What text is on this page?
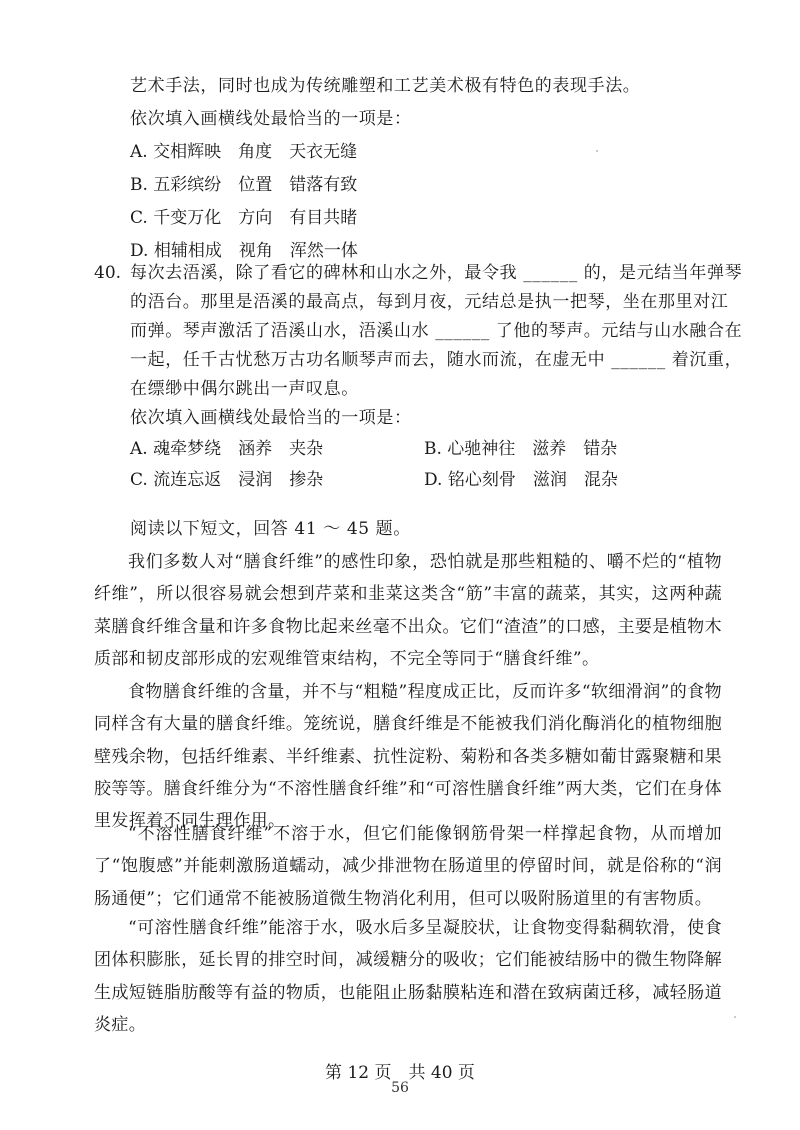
艺术手法，同时也成为传统雕塑和工艺美术极有特色的表现手法。
依次填入画横线处最恰当的一项是：
A. 交相辉映　角度　天衣无缝
B. 五彩缤纷　位置　错落有致
C. 千变万化　方向　有目共睹
D. 相辅相成　视角　浑然一体
40. 每次去浯溪，除了看它的碑林和山水之外，最令我 ______ 的，是元结当年弹琴
的浯台。那里是浯溪的最高点，每到月夜，元结总是执一把琴，坐在那里对江
而弹。琴声激活了浯溪山水，浯溪山水 ______ 了他的琴声。元结与山水融合在
一起，任千古忧愁万古功名顺琴声而去，随水而流，在虚无中 ______ 着沉重，
在缥缈中偶尔跳出一声叹息。
依次填入画横线处最恰当的一项是：
A. 魂牵梦绕　涵养　夹杂	B. 心驰神往　滋养　错杂
C. 流连忘返　浸润　掺杂	D. 铭心刻骨　滋润　混杂
阅读以下短文，回答 41 ～ 45 题。
我们多数人对“膳食纤维”的感性印象，恐怕就是那些粗糙的、嚼不烂的“植物纤维”，所以很容易就会想到芹菜和韭菜这类含“筋”丰富的蔬菜，其实，这两种蔬菜膳食纤维含量和许多食物比起来丝毫不出众。它们“渣渣”的口感，主要是植物木质部和韧皮部形成的宏观维管束结构，不完全等同于“膳食纤维”。
食物膳食纤维的含量，并不与“粗糙”程度成正比，反而许多“软细滑润”的食物同样含有大量的膳食纤维。笼统说，膳食纤维是不能被我们消化酶消化的植物细胞壁残余物，包括纤维素、半纤维素、抗性淀粉、菊粉和各类多糖如葡甘露聚糖和果胶等等。膳食纤维分为“不溶性膳食纤维”和“可溶性膳食纤维”两大类，它们在身体里发挥着不同生理作用。
“不溶性膳食纤维”不溶于水，但它们能像钢筋骨架一样撑起食物，从而增加了“饱腹感”并能刺激肠道蠕动，减少排泄物在肠道里的停留时间，就是俗称的“润肠通便”；它们通常不能被肠道微生物消化利用，但可以吸附肠道里的有害物质。
“可溶性膳食纤维”能溶于水，吸水后多呈凝胶状，让食物变得黏稠软滑，使食团体积膨胀，延长胃的排空时间，减缓糖分的吸收；它们能被结肠中的微生物降解生成短链脂肪酸等有益的物质，也能阻止肠黏膜粘连和潜在致病菌迁移，减轻肠道炎症。
第 12 页　共 40 页
56
